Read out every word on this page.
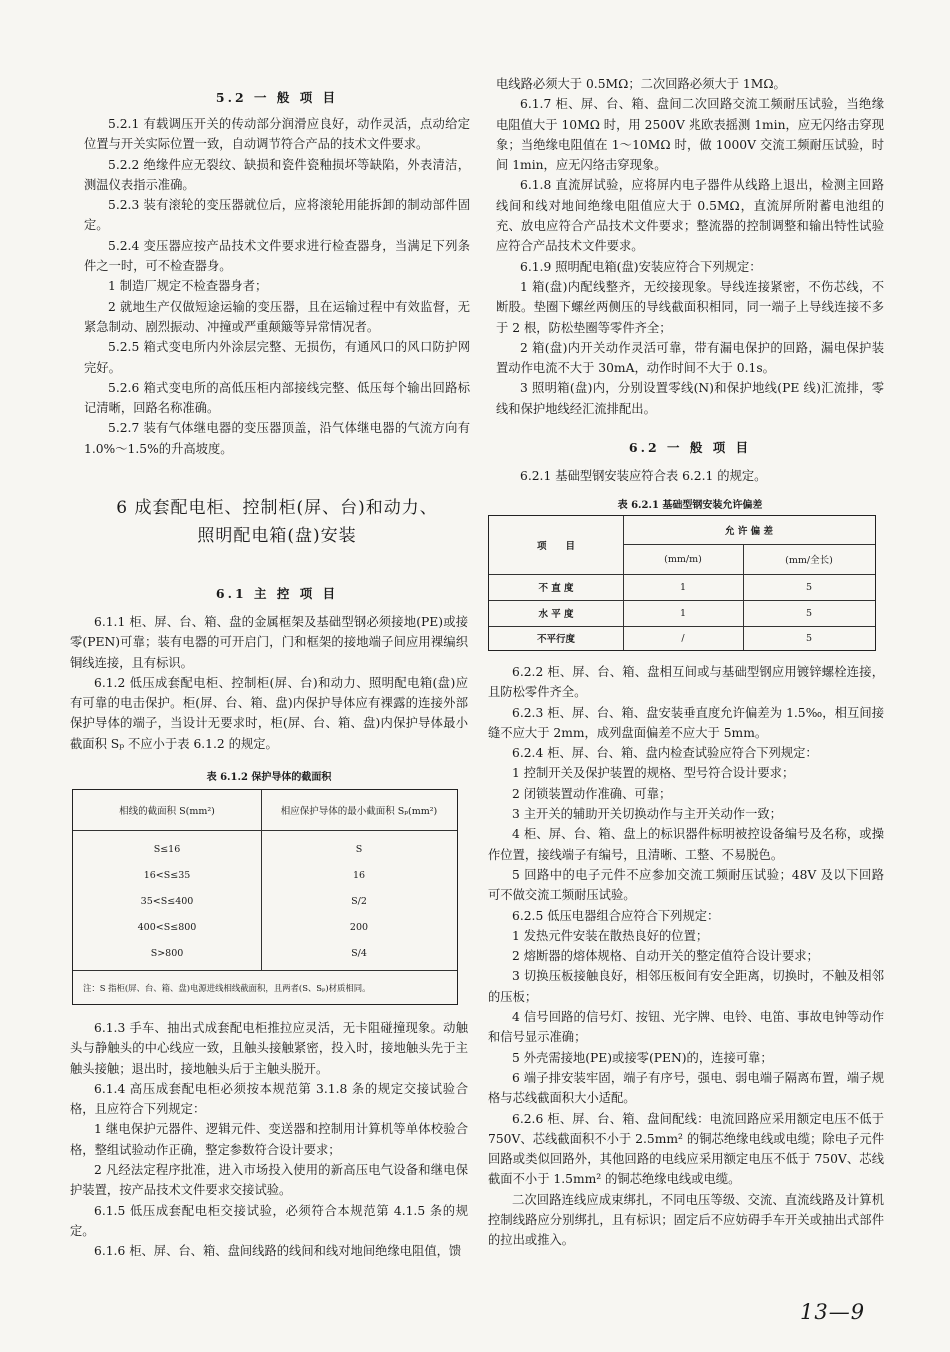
5.2 一 般 项 目

5.2.1 有载调压开关的传动部分润滑应良好，动作灵活，点动给定位置与开关实际位置一致，自动调节符合产品的技术文件要求。

5.2.2 绝缘件应无裂纹、缺损和瓷件瓷釉损坏等缺陷，外表清洁，测温仪表指示准确。

5.2.3 装有滚轮的变压器就位后，应将滚轮用能拆卸的制动部件固定。

5.2.4 变压器应按产品技术文件要求进行检查器身，当满足下列条件之一时，可不检查器身。

1 制造厂规定不检查器身者；

2 就地生产仅做短途运输的变压器，且在运输过程中有效监督，无紧急制动、剧烈振动、冲撞或严重颠簸等异常情况者。

5.2.5 箱式变电所内外涂层完整、无损伤，有通风口的风口防护网完好。

5.2.6 箱式变电所的高低压柜内部接线完整、低压每个输出回路标记清晰，回路名称准确。

5.2.7 装有气体继电器的变压器顶盖，沿气体继电器的气流方向有1.0%～1.5%的升高坡度。

6 成套配电柜、控制柜(屏、台)和动力、
照明配电箱(盘)安装
6.1 主 控 项 目

6.1.1 柜、屏、台、箱、盘的金属框架及基础型钢必须接地(PE)或接零(PEN)可靠；装有电器的可开启门，门和框架的接地端子间应用裸编织铜线连接，且有标识。

6.1.2 低压成套配电柜、控制柜(屏、台)和动力、照明配电箱(盘)应有可靠的电击保护。柜(屏、台、箱、盘)内保护导体应有裸露的连接外部保护导体的端子，当设计无要求时，柜(屏、台、箱、盘)内保护导体最小截面积 Sₚ 不应小于表 6.1.2 的规定。

表 6.1.2 保护导体的截面积
相线的截面积 S(mm²)	相应保护导体的最小截面积 Sₚ(mm²)
S≤16	S
16<S≤35	16
35<S≤400	S/2
400<S≤800	200
S>800	S/4
注：S 指柜(屏、台、箱、盘)电源进线相线截面积，且两者(S、Sₚ)材质相同。

6.1.3 手车、抽出式成套配电柜推拉应灵活，无卡阻碰撞现象。动触头与静触头的中心线应一致，且触头接触紧密，投入时，接地触头先于主触头接触；退出时，接地触头后于主触头脱开。

6.1.4 高压成套配电柜必须按本规范第 3.1.8 条的规定交接试验合格，且应符合下列规定：

1 继电保护元器件、逻辑元件、变送器和控制用计算机等单体校验合格，整组试验动作正确，整定参数符合设计要求；

2 凡经法定程序批准，进入市场投入使用的新高压电气设备和继电保护装置，按产品技术文件要求交接试验。

6.1.5 低压成套配电柜交接试验，必须符合本规范第 4.1.5 条的规定。

6.1.6 柜、屏、台、箱、盘间线路的线间和线对地间绝缘电阻值，馈

电线路必须大于 0.5MΩ；二次回路必须大于 1MΩ。

6.1.7 柜、屏、台、箱、盘间二次回路交流工频耐压试验，当绝缘电阻值大于 10MΩ 时，用 2500V 兆欧表摇测 1min，应无闪络击穿现象；当绝缘电阻值在 1～10MΩ 时，做 1000V 交流工频耐压试验，时间 1min，应无闪络击穿现象。

6.1.8 直流屏试验，应将屏内电子器件从线路上退出，检测主回路线间和线对地间绝缘电阻值应大于 0.5MΩ，直流屏所附蓄电池组的充、放电应符合产品技术文件要求；整流器的控制调整和输出特性试验应符合产品技术文件要求。

6.1.9 照明配电箱(盘)安装应符合下列规定：

1 箱(盘)内配线整齐，无绞接现象。导线连接紧密，不伤芯线，不断股。垫圈下螺丝两侧压的导线截面积相同，同一端子上导线连接不多于 2 根，防松垫圈等零件齐全；

2 箱(盘)内开关动作灵活可靠，带有漏电保护的回路，漏电保护装置动作电流不大于 30mA，动作时间不大于 0.1s。

3 照明箱(盘)内，分别设置零线(N)和保护地线(PE 线)汇流排，零线和保护地线经汇流排配出。

6.2 一 般 项 目

6.2.1 基础型钢安装应符合表 6.2.1 的规定。

表 6.2.1 基础型钢安装允许偏差
项　　目
允 许 偏 差
(mm/m)	(mm/全长)
不 直 度	1	5
水 平 度	1	5
不平行度	/	5

6.2.2 柜、屏、台、箱、盘相互间或与基础型钢应用镀锌螺栓连接，且防松零件齐全。

6.2.3 柜、屏、台、箱、盘安装垂直度允许偏差为 1.5‰，相互间接缝不应大于 2mm，成列盘面偏差不应大于 5mm。

6.2.4 柜、屏、台、箱、盘内检查试验应符合下列规定：

1 控制开关及保护装置的规格、型号符合设计要求；

2 闭锁装置动作准确、可靠；

3 主开关的辅助开关切换动作与主开关动作一致；

4 柜、屏、台、箱、盘上的标识器件标明被控设备编号及名称，或操作位置，接线端子有编号，且清晰、工整、不易脱色。

5 回路中的电子元件不应参加交流工频耐压试验；48V 及以下回路可不做交流工频耐压试验。

6.2.5 低压电器组合应符合下列规定：

1 发热元件安装在散热良好的位置；

2 熔断器的熔体规格、自动开关的整定值符合设计要求；

3 切换压板接触良好，相邻压板间有安全距离，切换时，不触及相邻的压板；

4 信号回路的信号灯、按钮、光字牌、电铃、电笛、事故电钟等动作和信号显示准确；

5 外壳需接地(PE)或接零(PEN)的，连接可靠；

6 端子排安装牢固，端子有序号，强电、弱电端子隔离布置，端子规格与芯线截面积大小适配。

6.2.6 柜、屏、台、箱、盘间配线：电流回路应采用额定电压不低于 750V、芯线截面积不小于 2.5mm² 的铜芯绝缘电线或电缆；除电子元件回路或类似回路外，其他回路的电线应采用额定电压不低于 750V、芯线截面不小于 1.5mm² 的铜芯绝缘电线或电缆。

二次回路连线应成束绑扎，不同电压等级、交流、直流线路及计算机控制线路应分别绑扎，且有标识；固定后不应妨碍手车开关或抽出式部件的拉出或推入。

13—9
